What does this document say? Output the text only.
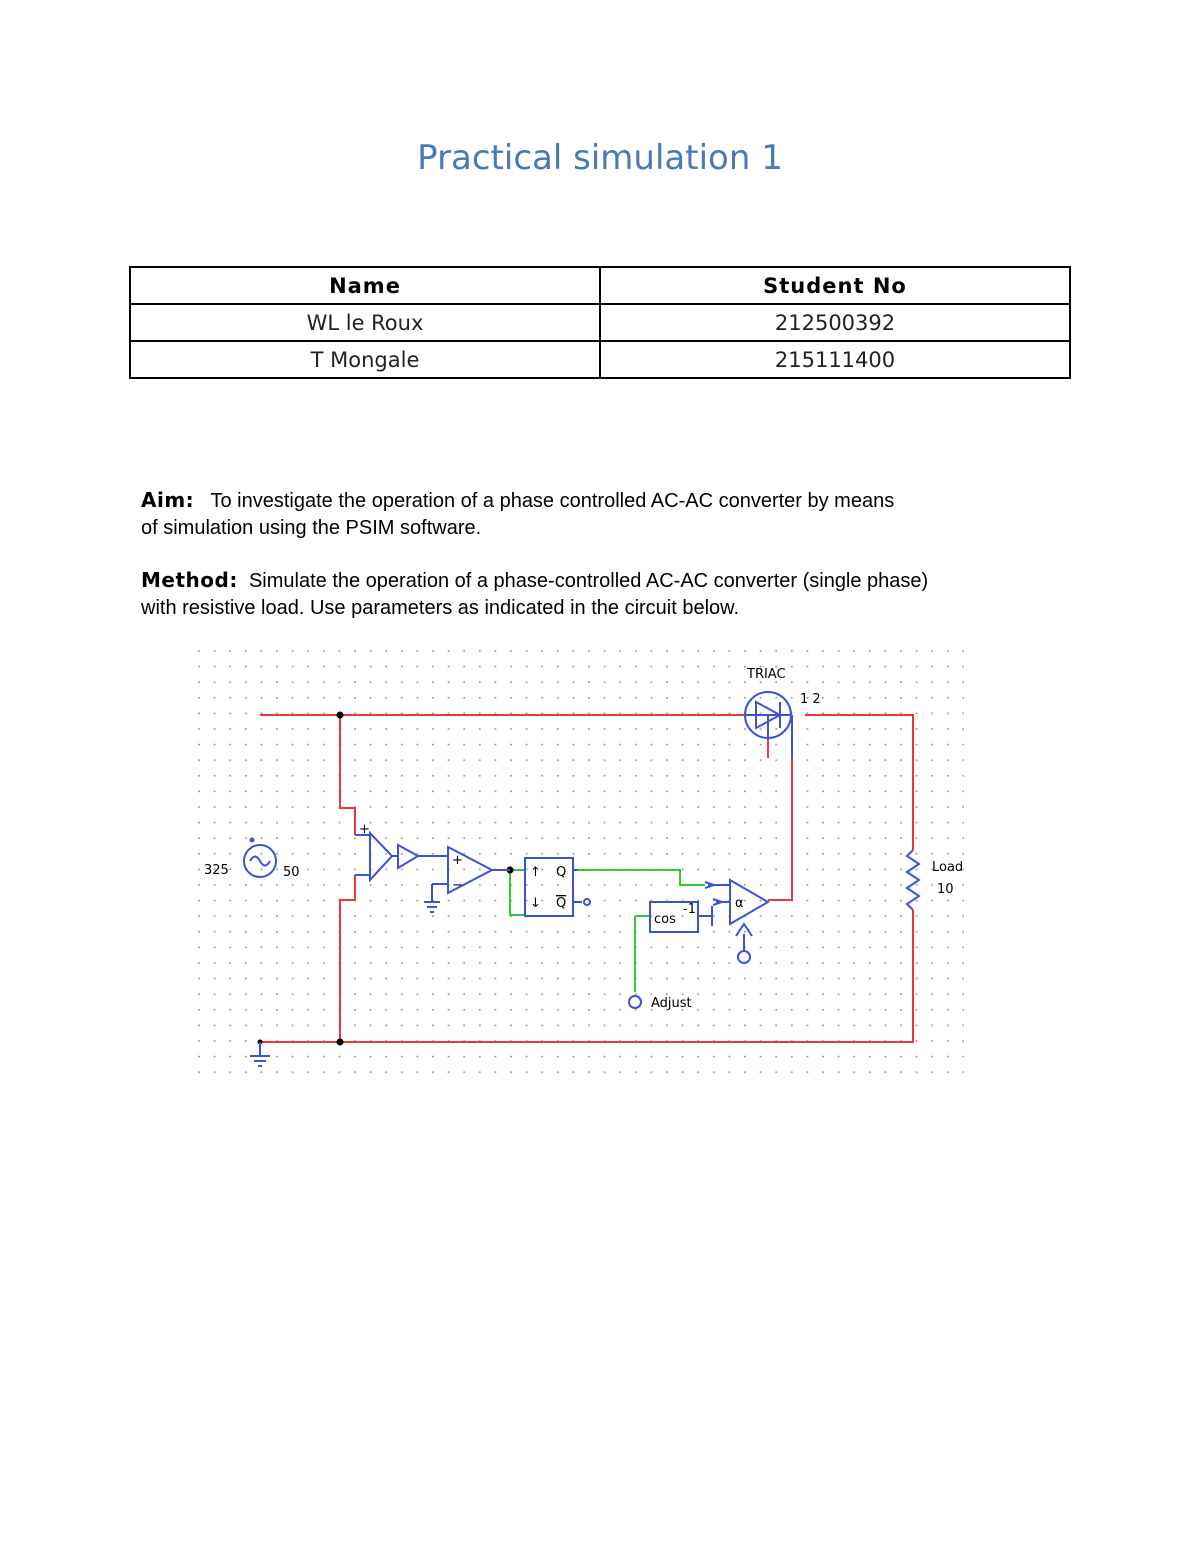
Practical simulation 1
Name	Student No
WL le Roux	212500392
T Mongale	215111400
Aim: To investigate the operation of a phase controlled AC-AC converter by means
of simulation using the PSIM software.
Method: Simulate the operation of a phase-controlled AC-AC converter (single phase)
with resistive load. Use parameters as indicated in the circuit below.
325	50
+
+
−
Q
Q
↑
↓
cos
-1	α
Adjust
TRIAC
1 2
Load
10
